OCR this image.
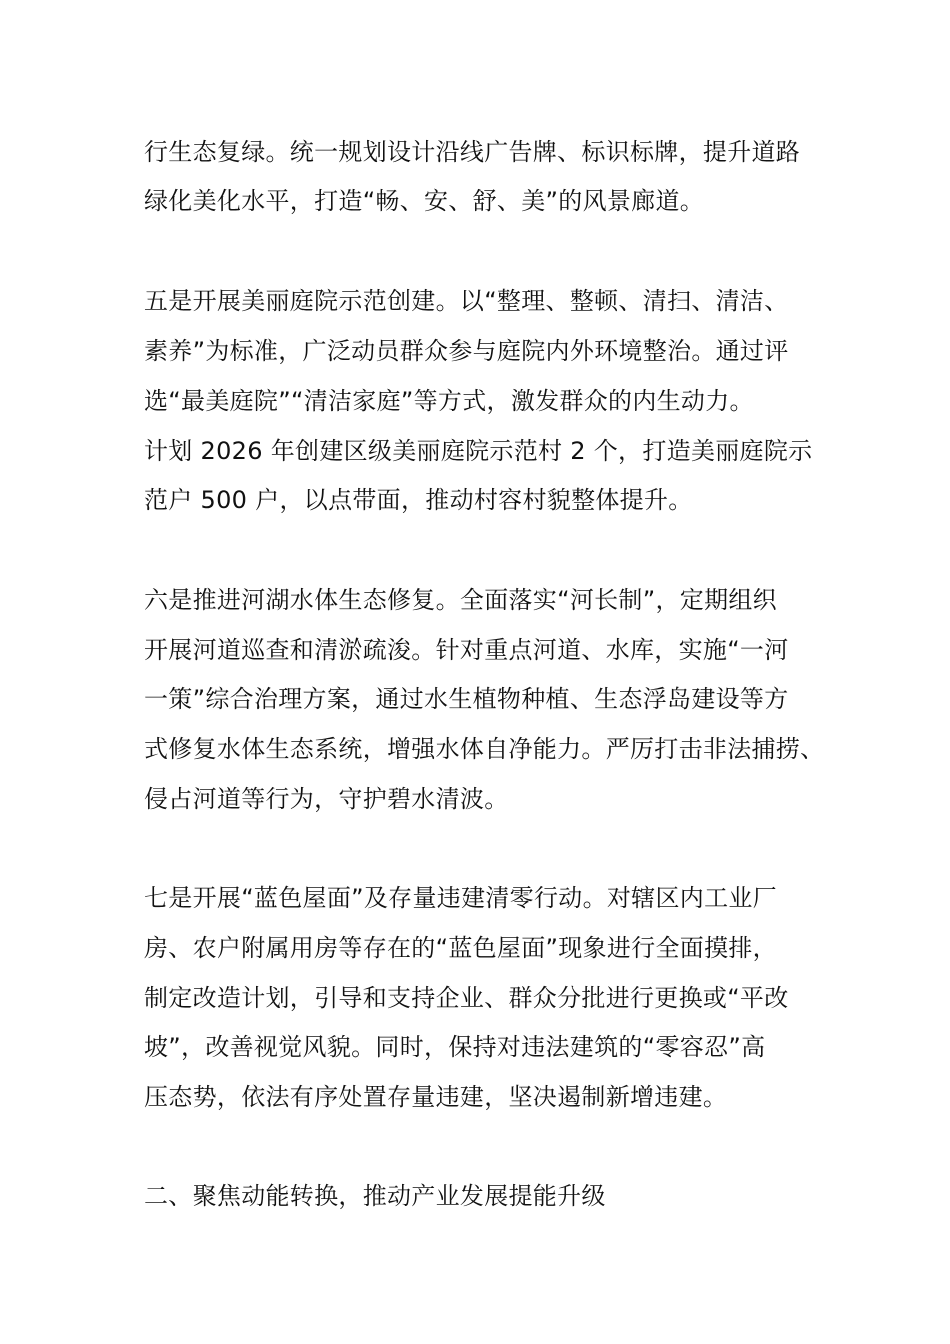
行生态复绿。统一规划设计沿线广告牌、标识标牌，提升道路
绿化美化水平，打造“畅、安、舒、美”的风景廊道。
五是开展美丽庭院示范创建。以“整理、整顿、清扫、清洁、
素养”为标准，广泛动员群众参与庭院内外环境整治。通过评
选“最美庭院”“清洁家庭”等方式，激发群众的内生动力。
计划 2026 年创建区级美丽庭院示范村 2 个，打造美丽庭院示
范户 500 户，以点带面，推动村容村貌整体提升。
六是推进河湖水体生态修复。全面落实“河长制”，定期组织
开展河道巡查和清淤疏浚。针对重点河道、水库，实施“一河
一策”综合治理方案，通过水生植物种植、生态浮岛建设等方
式修复水体生态系统，增强水体自净能力。严厉打击非法捕捞、
侵占河道等行为，守护碧水清波。
七是开展“蓝色屋面”及存量违建清零行动。对辖区内工业厂
房、农户附属用房等存在的“蓝色屋面”现象进行全面摸排，
制定改造计划，引导和支持企业、群众分批进行更换或“平改
坡”，改善视觉风貌。同时，保持对违法建筑的“零容忍”高
压态势，依法有序处置存量违建，坚决遏制新增违建。
二、聚焦动能转换，推动产业发展提能升级
